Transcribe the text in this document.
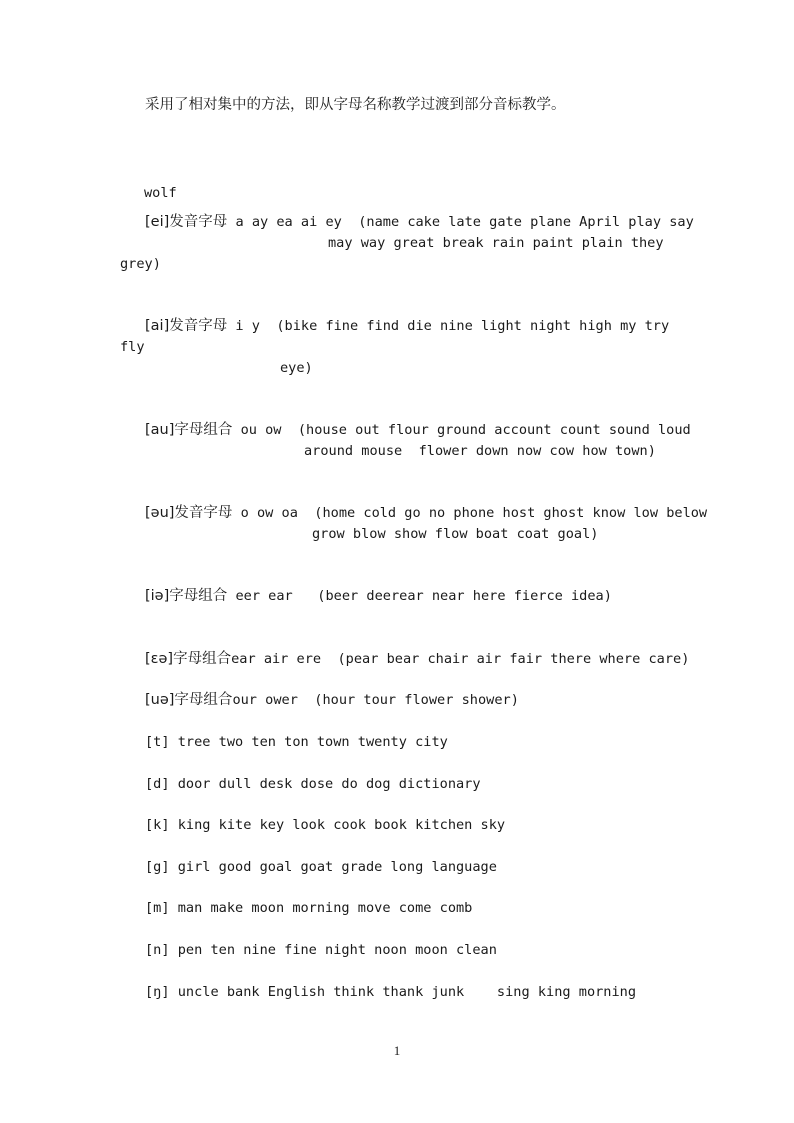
采用了相对集中的方法，即从字母名称教学过渡到部分音标教学。
wolf
[ei]发音字母 a ay ea ai ey  (name cake late gate plane April play say
may way great break rain paint plain they
grey)
[ai]发音字母 i y  (bike fine find die nine light night high my try
fly
eye)
[au]字母组合 ou ow  (house out flour ground account count sound loud
around mouse  flower down now cow how town)
[əu]发音字母 o ow oa  (home cold go no phone host ghost know low below
grow blow show flow boat coat goal)
[iə]字母组合 eer ear   (beer deerear near here fierce idea)
[ɛə]字母组合ear air ere  (pear bear chair air fair there where care)
[uə]字母组合our ower  (hour tour flower shower)
[t] tree two ten ton town twenty city
[d] door dull desk dose do dog dictionary
[k] king kite key look cook book kitchen sky
[g] girl good goal goat grade long language
[m] man make moon morning move come comb
[n] pen ten nine fine night noon moon clean
[ŋ] uncle bank English think thank junk    sing king morning
1
